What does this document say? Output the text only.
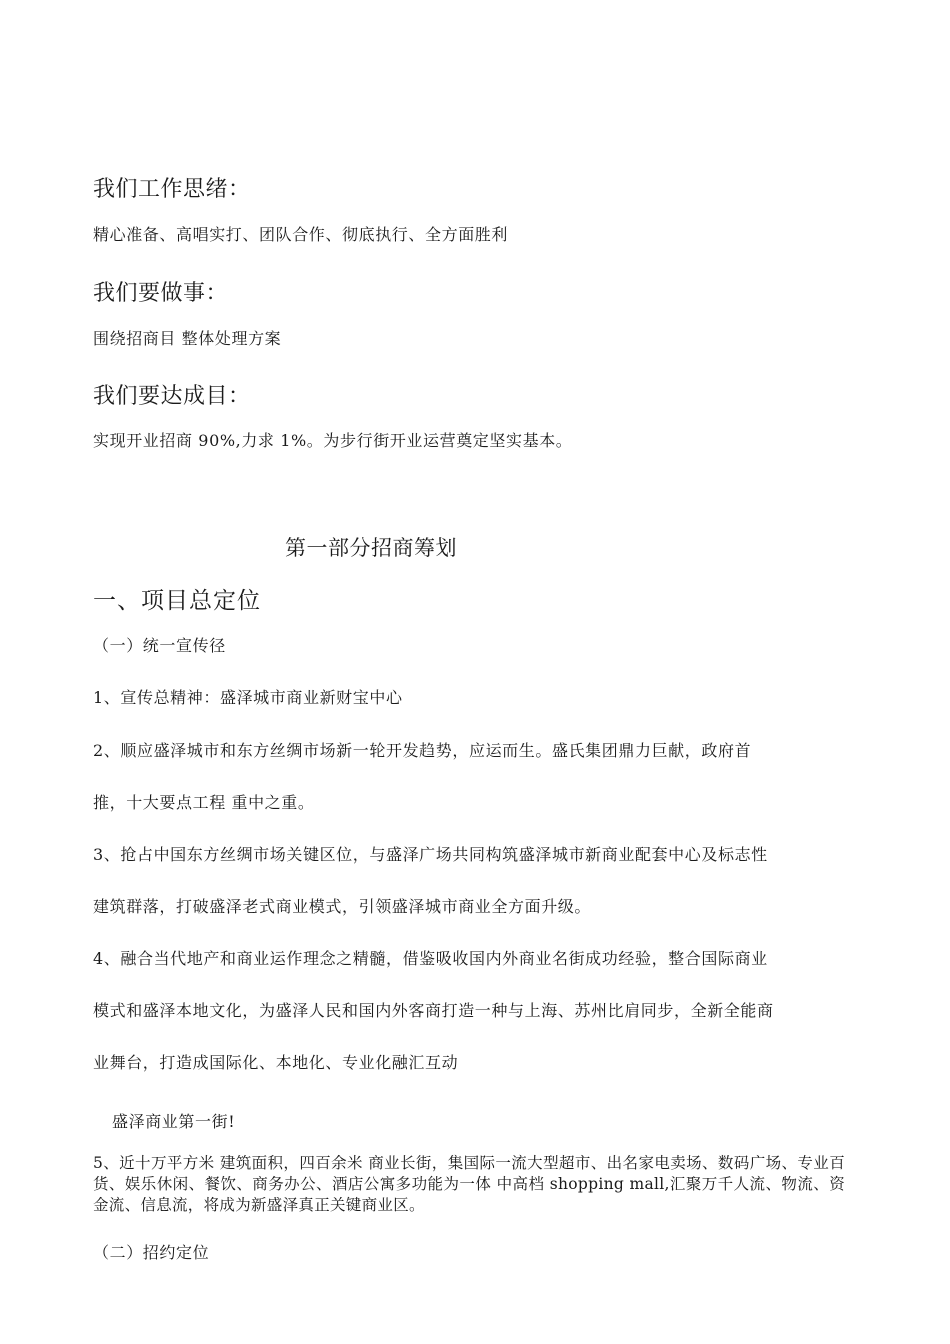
我们工作思绪：

精心准备、高唱实打、团队合作、彻底执行、全方面胜利

我们要做事：

围绕招商目 整体处理方案

我们要达成目：

实现开业招商 90%,力求 1%。为步行街开业运营奠定坚实基本。

第一部分招商筹划

一、项目总定位

（一）统一宣传径

1、宣传总精神：盛泽城市商业新财宝中心

2、顺应盛泽城市和东方丝绸市场新一轮开发趋势，应运而生。盛氏集团鼎力巨献，政府首

推，十大要点工程 重中之重。

3、抢占中国东方丝绸市场关键区位，与盛泽广场共同构筑盛泽城市新商业配套中心及标志性

建筑群落，打破盛泽老式商业模式，引领盛泽城市商业全方面升级。

4、融合当代地产和商业运作理念之精髓，借鉴吸收国内外商业名街成功经验，整合国际商业

模式和盛泽本地文化，为盛泽人民和国内外客商打造一种与上海、苏州比肩同步，全新全能商

业舞台，打造成国际化、本地化、专业化融汇互动

盛泽商业第一街!

5、近十万平方米 建筑面积，四百余米 商业长街，集国际一流大型超市、出名家电卖场、数码广场、专业百货、娱乐休闲、餐饮、商务办公、酒店公寓多功能为一体 中高档 shopping mall,汇聚万千人流、物流、资金流、信息流，将成为新盛泽真正关键商业区。

（二）招约定位
